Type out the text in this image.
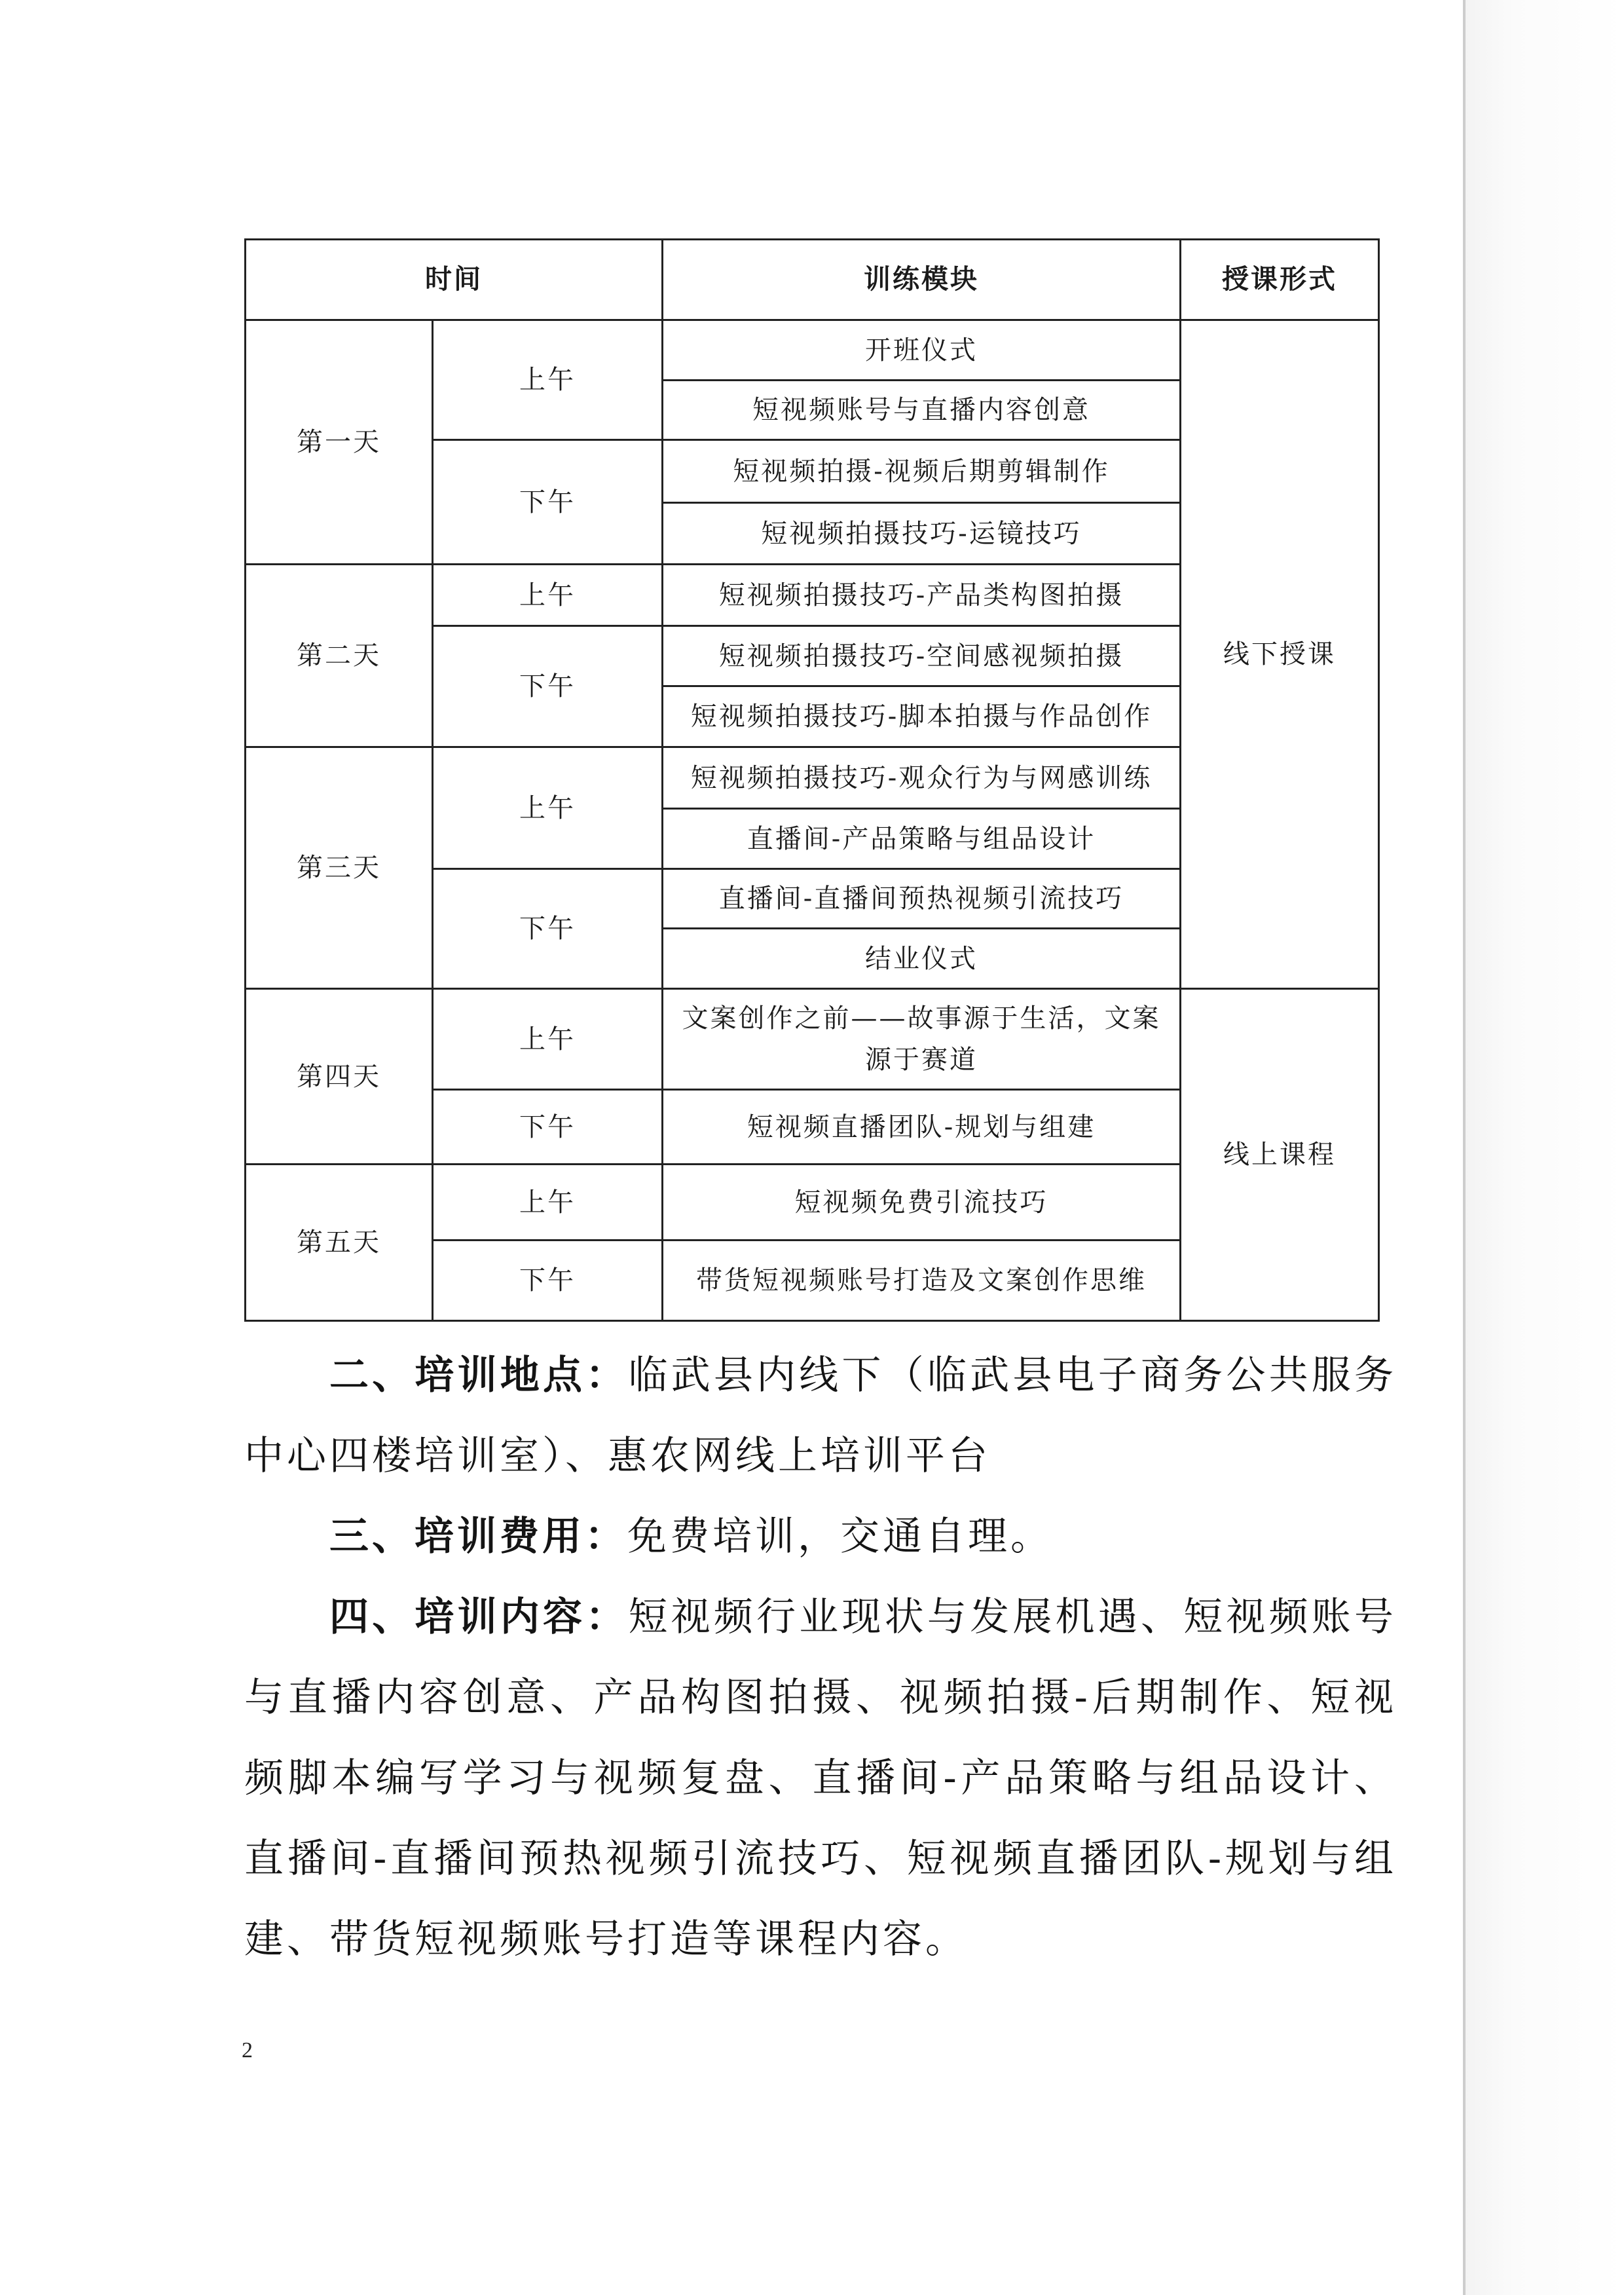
时间		训练模块	授课形式
第一天	上午	开班仪式	线下授课
		短视频账号与直播内容创意	
	下午	短视频拍摄-视频后期剪辑制作	
		短视频拍摄技巧-运镜技巧	
第二天	上午	短视频拍摄技巧-产品类构图拍摄	
	下午	短视频拍摄技巧-空间感视频拍摄	
		短视频拍摄技巧-脚本拍摄与作品创作	
第三天	上午	短视频拍摄技巧-观众行为与网感训练	
		直播间-产品策略与组品设计	
	下午	直播间-直播间预热视频引流技巧	
		结业仪式	
第四天	上午	文案创作之前——故事源于生活，文案
源于赛道	线上课程
	下午	短视频直播团队-规划与组建	
第五天	上午	短视频免费引流技巧	
	下午	带货短视频账号打造及文案创作思维	

二、培训地点：临武县内线下（临武县电子商务公共服务中心四楼培训室）、惠农网线上培训平台

三、培训费用：免费培训，交通自理。

四、培训内容：短视频行业现状与发展机遇、短视频账号与直播内容创意、产品构图拍摄、视频拍摄-后期制作、短视频脚本编写学习与视频复盘、直播间-产品策略与组品设计、直播间-直播间预热视频引流技巧、短视频直播团队-规划与组建、带货短视频账号打造等课程内容。

2
